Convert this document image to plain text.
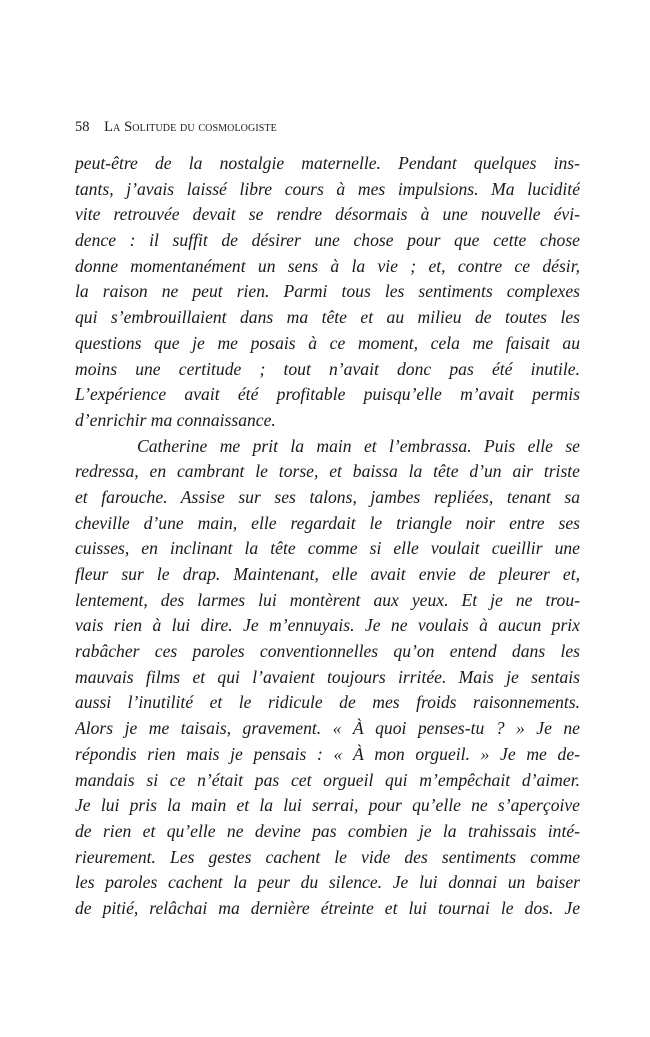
58 La Solitude du cosmologiste
peut-être de la nostalgie maternelle. Pendant quelques ins-
tants, j’avais laissé libre cours à mes impulsions. Ma lucidité
vite retrouvée devait se rendre désormais à une nouvelle évi-
dence : il suffit de désirer une chose pour que cette chose
donne momentanément un sens à la vie ; et, contre ce désir,
la raison ne peut rien. Parmi tous les sentiments complexes
qui s’embrouillaient dans ma tête et au milieu de toutes les
questions que je me posais à ce moment, cela me faisait au
moins une certitude ; tout n’avait donc pas été inutile.
L’expérience avait été profitable puisqu’elle m’avait permis
d’enrichir ma connaissance.
Catherine me prit la main et l’embrassa. Puis elle se
redressa, en cambrant le torse, et baissa la tête d’un air triste
et farouche. Assise sur ses talons, jambes repliées, tenant sa
cheville d’une main, elle regardait le triangle noir entre ses
cuisses, en inclinant la tête comme si elle voulait cueillir une
fleur sur le drap. Maintenant, elle avait envie de pleurer et,
lentement, des larmes lui montèrent aux yeux. Et je ne trou-
vais rien à lui dire. Je m’ennuyais. Je ne voulais à aucun prix
rabâcher ces paroles conventionnelles qu’on entend dans les
mauvais films et qui l’avaient toujours irritée. Mais je sentais
aussi l’inutilité et le ridicule de mes froids raisonnements.
Alors je me taisais, gravement. « À quoi penses-tu ? » Je ne
répondis rien mais je pensais : « À mon orgueil. » Je me de-
mandais si ce n’était pas cet orgueil qui m’empêchait d’aimer.
Je lui pris la main et la lui serrai, pour qu’elle ne s’aperçoive
de rien et qu’elle ne devine pas combien je la trahissais inté-
rieurement. Les gestes cachent le vide des sentiments comme
les paroles cachent la peur du silence. Je lui donnai un baiser
de pitié, relâchai ma dernière étreinte et lui tournai le dos. Je
